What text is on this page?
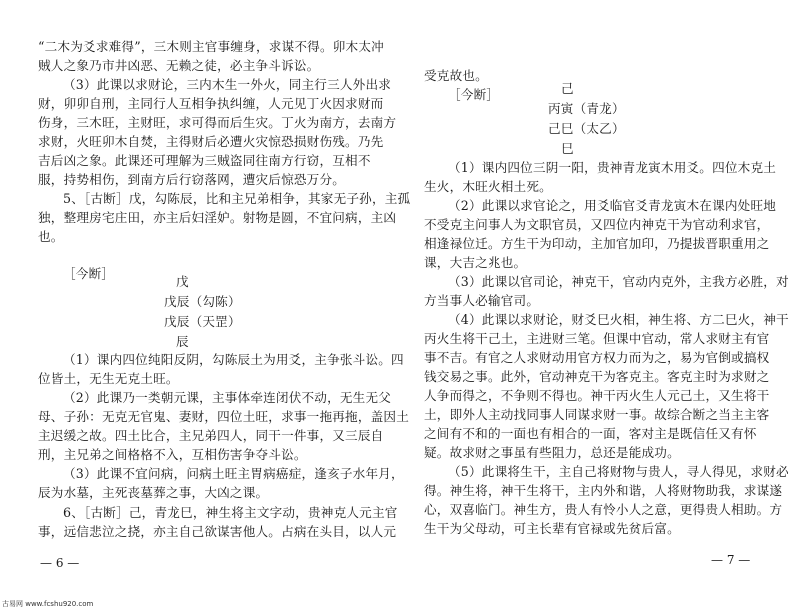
“二木为爻求难得”，三木则主官事缠身，求谋不得。卯木太冲
贼人之象乃市井凶恶、无赖之徒，必主争斗诉讼。
（3）此课以求财论，三内木生一外火，同主行三人外出求
财，卯卯自刑，主同行人互相争执纠缠，人元见丁火因求财而
伤身，三木旺，主财旺，求可得而后生灾。丁火为南方，去南方
求财，火旺卯木自焚，主得财后必遭火灾惊恐损财伤残。乃先
吉后凶之象。此课还可理解为三贼盗同往南方行窃，互相不
服，持势相伤，到南方后行窃落网，遭灾后惊恐万分。
5、［古断］戊，勾陈辰，比和主兄弟相争，其家无子孙，主孤
独，整理房宅庄田，亦主后妇淫妒。射物是圆，不宜问病，主凶
也。
［今断］
戊
戊辰（勾陈）
戊辰（天罡）
辰
（1）课内四位纯阳反阴，勾陈辰土为用爻，主争张斗讼。四
位皆土，无生无克土旺。
（2）此课乃一类朝元课，主事体牵连闭伏不动，无生无父
母、子孙：无克无官鬼、妻财，四位土旺，求事一拖再拖，盖因土
主迟缓之故。四土比合，主兄弟四人，同干一件事，又三辰自
刑，主兄弟之间格格不入，互相伤害争夺斗讼。
（3）此课不宜问病，问病土旺主胃病癌症，逢亥子水年月，
辰为水墓，主死丧墓葬之事，大凶之课。
6、［古断］己，青龙巳，神生将主文字动，贵神克人元主官
事，远信悲泣之挠，亦主自己欲谋害他人。占病在头目，以人元
— 6 —
受克故也。
［今断］	己
丙寅（青龙）
己巳（太乙）
巳
（1）课内四位三阴一阳，贵神青龙寅木用爻。四位木克土
生火，木旺火相土死。
（2）此课以求官论之，用爻临官爻青龙寅木在课内处旺地
不受克主问事人为文职官员，又四位内神克干为官动利求官，
相逢禄位迁。方生干为印动，主加官加印，乃提拔晋职重用之
课，大吉之兆也。
（3）此课以官司论，神克干，官动内克外，主我方必胜，对
方当事人必输官司。
（4）此课以求财论，财爻巳火相，神生将、方二巳火，神干
丙火生将干己土，主进财三笔。但课中官动，常人求财主有官
事不吉。有官之人求财动用官方权力而为之，易为官倒或搞权
钱交易之事。此外，官动神克干为客克主。客克主时为求财之
人争而得之，不争则不得也。神干丙火生人元己土，又生将干
土，即外人主动找同事人同谋求财一事。故综合断之当主主客
之间有不和的一面也有相合的一面，客对主是既信任又有怀
疑。故求财之事虽有些阻力，总还是能成功。
（5）此课将生干，主自己将财物与贵人，寻人得见，求财必
得。神生将，神干生将干，主内外和谐，人将财物助我，求谋遂
心，双喜临门。神生方，贵人有怜小人之意，更得贵人相助。方
生干为父母动，可主长辈有官禄或先贫后富。
— 7 —
古易网 www.fcshu920.com
